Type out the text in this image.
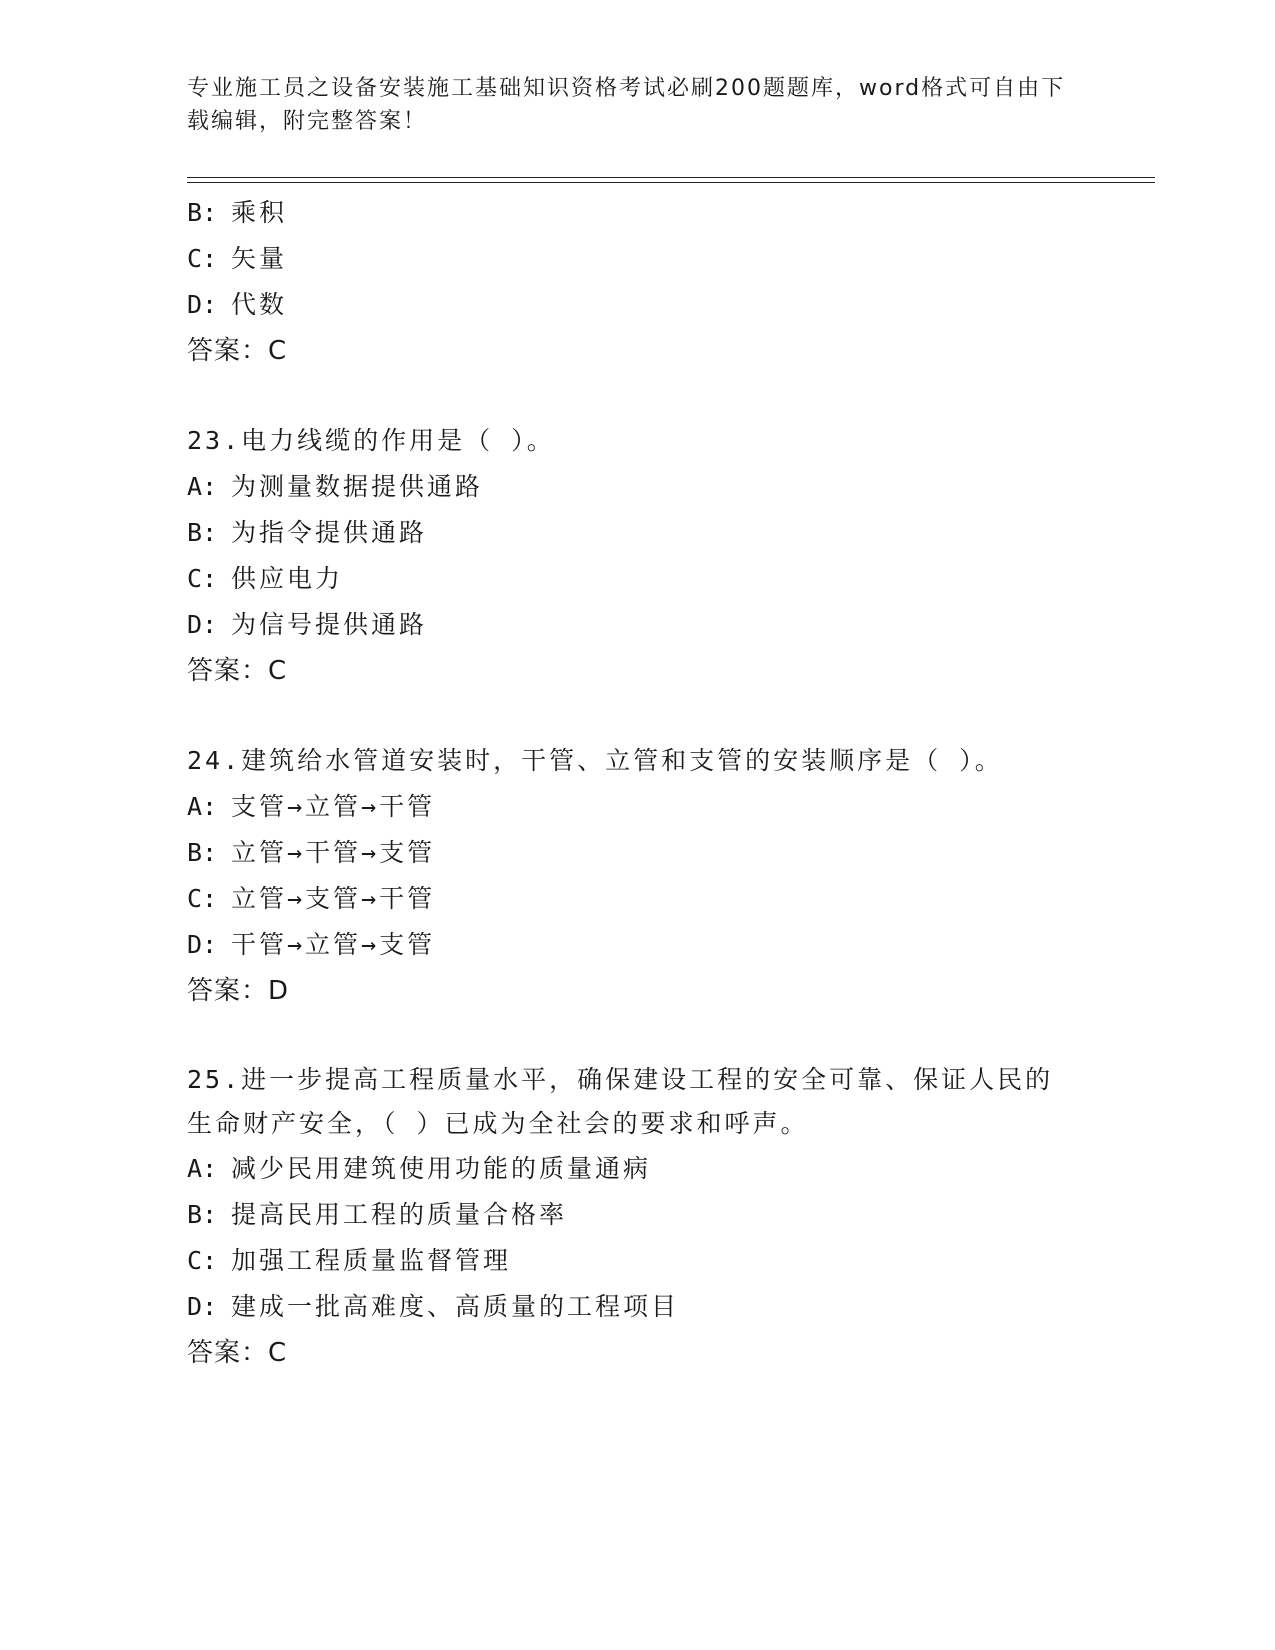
专业施工员之设备安装施工基础知识资格考试必刷200题题库，word格式可自由下载编辑，附完整答案！
B: 乘积
C: 矢量
D: 代数
答案：C
23.电力线缆的作用是（ ）。
A: 为测量数据提供通路
B: 为指令提供通路
C: 供应电力
D: 为信号提供通路
答案：C
24.建筑给水管道安装时，干管、立管和支管的安装顺序是（ ）。
A: 支管→立管→干管
B: 立管→干管→支管
C: 立管→支管→干管
D: 干管→立管→支管
答案：D
25.进一步提高工程质量水平，确保建设工程的安全可靠、保证人民的生命财产安全，（ ）已成为全社会的要求和呼声。
A: 减少民用建筑使用功能的质量通病
B: 提高民用工程的质量合格率
C: 加强工程质量监督管理
D: 建成一批高难度、高质量的工程项目
答案：C
